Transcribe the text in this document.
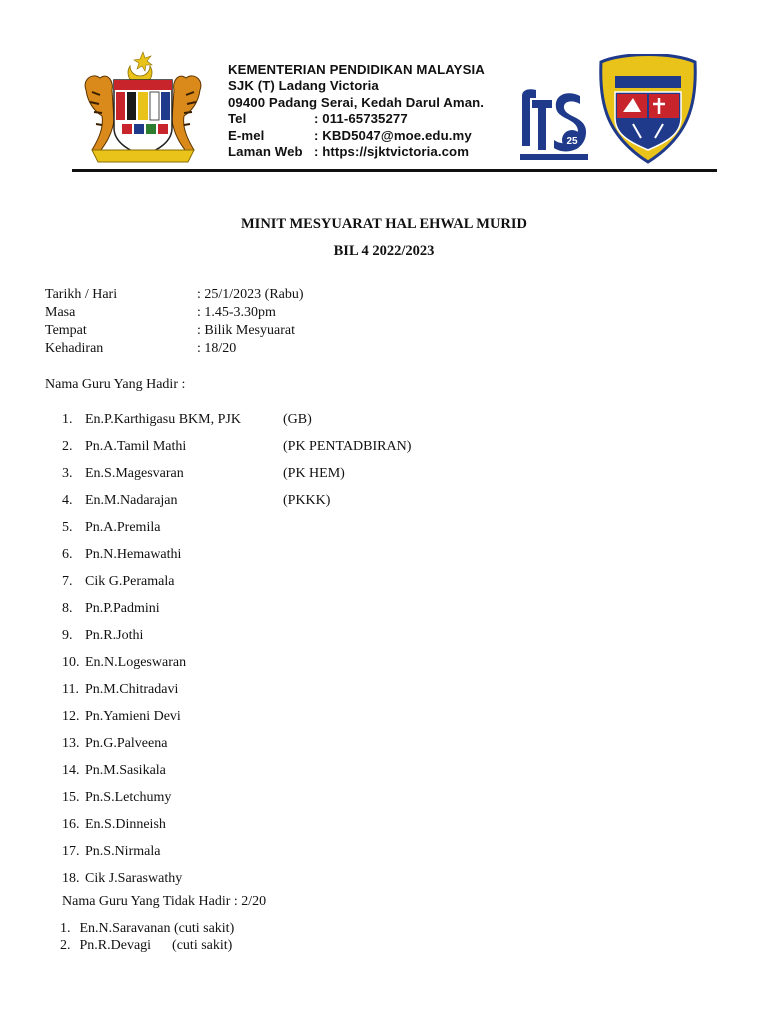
KEMENTERIAN PENDIDIKAN MALAYSIA
SJK (T) Ladang Victoria
09400 Padang Serai, Kedah Darul Aman.
Tel	: 011-65735277
E-mel	: KBD5047@moe.edu.my
Laman Web : https://sjktvictoria.com
25
MINIT MESYUARAT HAL EHWAL MURID
BIL 4 2022/2023
Tarikh / Hari	: 25/1/2023 (Rabu)
Masa	: 1.45-3.30pm
Tempat	: Bilik Mesyuarat
Kehadiran	: 18/20
Nama Guru Yang Hadir :
1. En.P.Karthigasu BKM, PJK	(GB)
2. Pn.A.Tamil Mathi	(PK PENTADBIRAN)
3. En.S.Magesvaran	(PK HEM)
4. En.M.Nadarajan	(PKKK)
5. Pn.A.Premila
6. Pn.N.Hemawathi
7. Cik G.Peramala
8. Pn.P.Padmini
9. Pn.R.Jothi
10. En.N.Logeswaran
11. Pn.M.Chitradavi
12. Pn.Yamieni Devi
13. Pn.G.Palveena
14. Pn.M.Sasikala
15. Pn.S.Letchumy
16. En.S.Dinneish
17. Pn.S.Nirmala
18. Cik J.Saraswathy
Nama Guru Yang Tidak Hadir : 2/20
1. En.N.Saravanan (cuti sakit)
2. Pn.R.Devagi      (cuti sakit)
